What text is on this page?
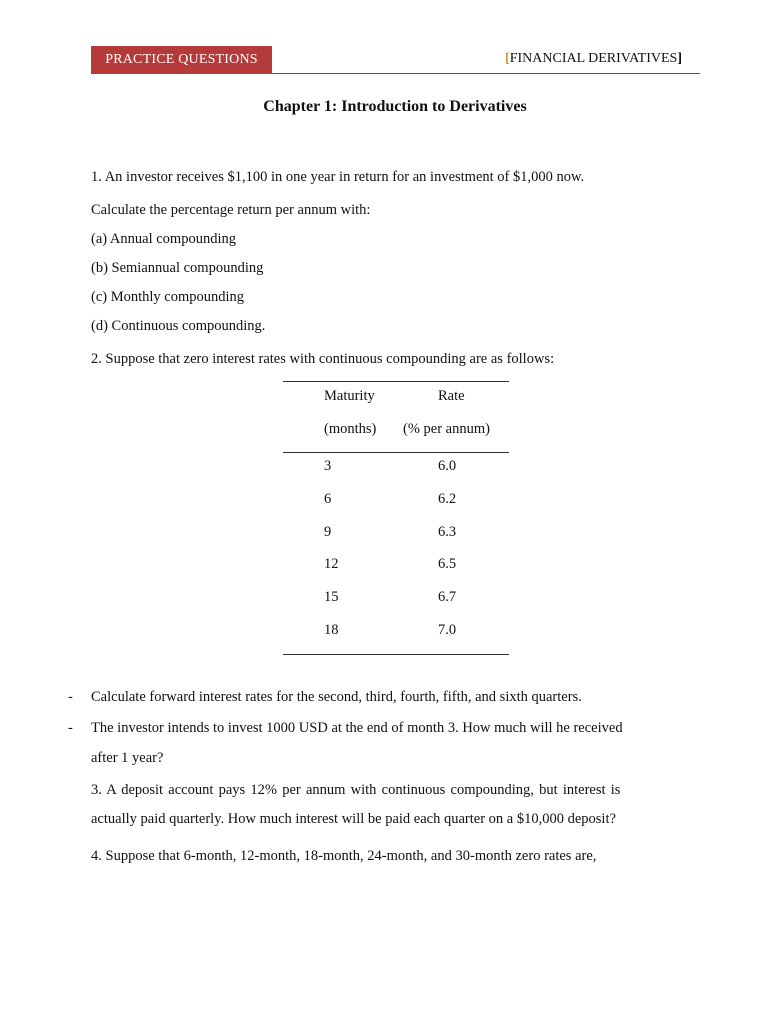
PRACTICE QUESTIONS	[FINANCIAL DERIVATIVES]
Chapter 1: Introduction to Derivatives
1. An investor receives $1,100 in one year in return for an investment of $1,000 now.
Calculate the percentage return per annum with:
(a) Annual compounding
(b) Semiannual compounding
(c) Monthly compounding
(d) Continuous compounding.
2. Suppose that zero interest rates with continuous compounding are as follows:
Maturity	Rate
(months) (% per annum)
3	6.0
6	6.2
9	6.3
12	6.5
15	6.7
18	7.0
- Calculate forward interest rates for the second, third, fourth, fifth, and sixth quarters.
- The investor intends to invest 1000 USD at the end of month 3. How much will he received
after 1 year?
3. A deposit account pays 12% per annum with continuous compounding, but interest is
actually paid quarterly. How much interest will be paid each quarter on a $10,000 deposit?
4. Suppose that 6-month, 12-month, 18-month, 24-month, and 30-month zero rates are,
